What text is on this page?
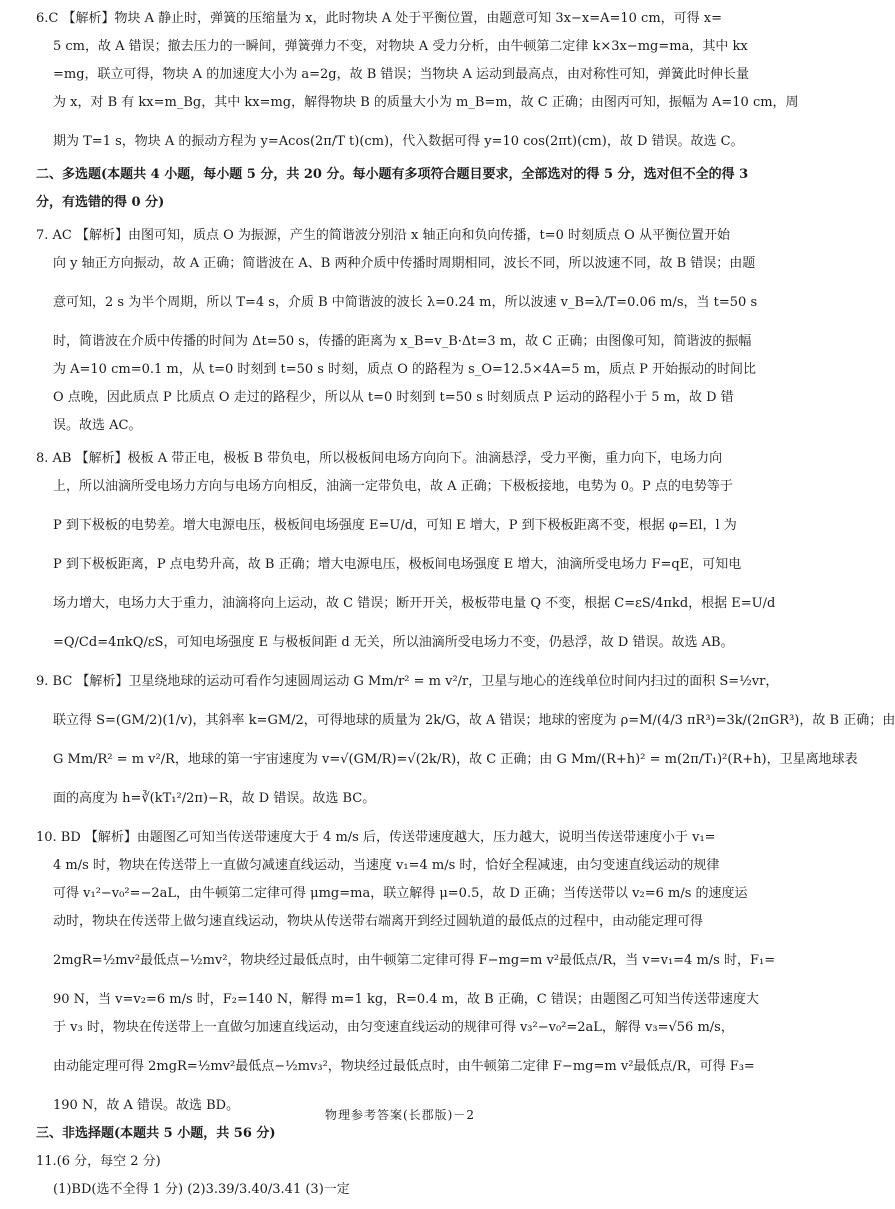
6.C 【解析】物块 A 静止时，弹簧的压缩量为 x，此时物块 A 处于平衡位置，由题意可知 3x−x=A=10 cm，可得 x=
5 cm，故 A 错误；撤去压力的一瞬间，弹簧弹力不变，对物块 A 受力分析，由牛顿第二定律 k×3x−mg=ma，其中 kx
=mg，联立可得，物块 A 的加速度大小为 a=2g，故 B 错误；当物块 A 运动到最高点，由对称性可知，弹簧此时伸长量
为 x，对 B 有 kx=m_Bg，其中 kx=mg，解得物块 B 的质量大小为 m_B=m，故 C 正确；由图丙可知，振幅为 A=10 cm，周
期为 T=1 s，物块 A 的振动方程为 y=Acos(2π/T t)(cm)，代入数据可得 y=10 cos(2πt)(cm)，故 D 错误。故选 C。
二、多选题(本题共 4 小题，每小题 5 分，共 20 分。每小题有多项符合题目要求，全部选对的得 5 分，选对但不全的得 3
分，有选错的得 0 分)
7. AC 【解析】由图可知，质点 O 为振源，产生的简谐波分别沿 x 轴正向和负向传播，t=0 时刻质点 O 从平衡位置开始
向 y 轴正方向振动，故 A 正确；简谐波在 A、B 两种介质中传播时周期相同，波长不同，所以波速不同，故 B 错误；由题
意可知，2 s 为半个周期，所以 T=4 s，介质 B 中简谐波的波长 λ=0.24 m，所以波速 v_B=λ/T=0.06 m/s，当 t=50 s
时，简谐波在介质中传播的时间为 Δt=50 s，传播的距离为 x_B=v_B·Δt=3 m，故 C 正确；由图像可知，简谐波的振幅
为 A=10 cm=0.1 m，从 t=0 时刻到 t=50 s 时刻，质点 O 的路程为 s_O=12.5×4A=5 m，质点 P 开始振动的时间比
O 点晚，因此质点 P 比质点 O 走过的路程少，所以从 t=0 时刻到 t=50 s 时刻质点 P 运动的路程小于 5 m，故 D 错
误。故选 AC。
8. AB 【解析】极板 A 带正电，极板 B 带负电，所以极板间电场方向向下。油滴悬浮，受力平衡，重力向下，电场力向
上，所以油滴所受电场力方向与电场方向相反，油滴一定带负电，故 A 正确；下极板接地，电势为 0。P 点的电势等于
P 到下极板的电势差。增大电源电压，极板间电场强度 E=U/d，可知 E 增大，P 到下极板距离不变，根据 φ=El，l 为
P 到下极板距离，P 点电势升高，故 B 正确；增大电源电压，极板间电场强度 E 增大，油滴所受电场力 F=qE，可知电
场力增大，电场力大于重力，油滴将向上运动，故 C 错误；断开开关，极板带电量 Q 不变，根据 C=εS/4πkd，根据 E=U/d
=Q/Cd=4πkQ/εS，可知电场强度 E 与极板间距 d 无关，所以油滴所受电场力不变，仍悬浮，故 D 错误。故选 AB。
9. BC 【解析】卫星绕地球的运动可看作匀速圆周运动 G Mm/r² = m v²/r，卫星与地心的连线单位时间内扫过的面积 S=½vr，
联立得 S=(GM/2)(1/v)，其斜率 k=GM/2，可得地球的质量为 2k/G，故 A 错误；地球的密度为 ρ=M/(4/3 πR³)=3k/(2πGR³)，故 B 正确；由
G Mm/R² = m v²/R，地球的第一宇宙速度为 v=√(GM/R)=√(2k/R)，故 C 正确；由 G Mm/(R+h)² = m(2π/T₁)²(R+h)，卫星离地球表
面的高度为 h=∛(kT₁²/2π)−R，故 D 错误。故选 BC。
10. BD 【解析】由题图乙可知当传送带速度大于 4 m/s 后，传送带速度越大，压力越大，说明当传送带速度小于 v₁=
4 m/s 时，物块在传送带上一直做匀减速直线运动，当速度 v₁=4 m/s 时，恰好全程减速，由匀变速直线运动的规律
可得 v₁²−v₀²=−2aL，由牛顿第二定律可得 μmg=ma，联立解得 μ=0.5，故 D 正确；当传送带以 v₂=6 m/s 的速度运
动时，物块在传送带上做匀速直线运动，物块从传送带右端离开到经过圆轨道的最低点的过程中，由动能定理可得
2mgR=½mv²最低点−½mv²，物块经过最低点时，由牛顿第二定律可得 F−mg=m v²最低点/R，当 v=v₁=4 m/s 时，F₁=
90 N，当 v=v₂=6 m/s 时，F₂=140 N，解得 m=1 kg，R=0.4 m，故 B 正确，C 错误；由题图乙可知当传送带速度大
于 v₃ 时，物块在传送带上一直做匀加速直线运动，由匀变速直线运动的规律可得 v₃²−v₀²=2aL，解得 v₃=√56 m/s，
由动能定理可得 2mgR=½mv²最低点−½mv₃²，物块经过最低点时，由牛顿第二定律 F−mg=m v²最低点/R，可得 F₃=
190 N，故 A 错误。故选 BD。
三、非选择题(本题共 5 小题，共 56 分)
11.(6 分，每空 2 分)
(1)BD(选不全得 1 分) (2)3.39/3.40/3.41 (3)一定
物理参考答案(长郡版)－2
